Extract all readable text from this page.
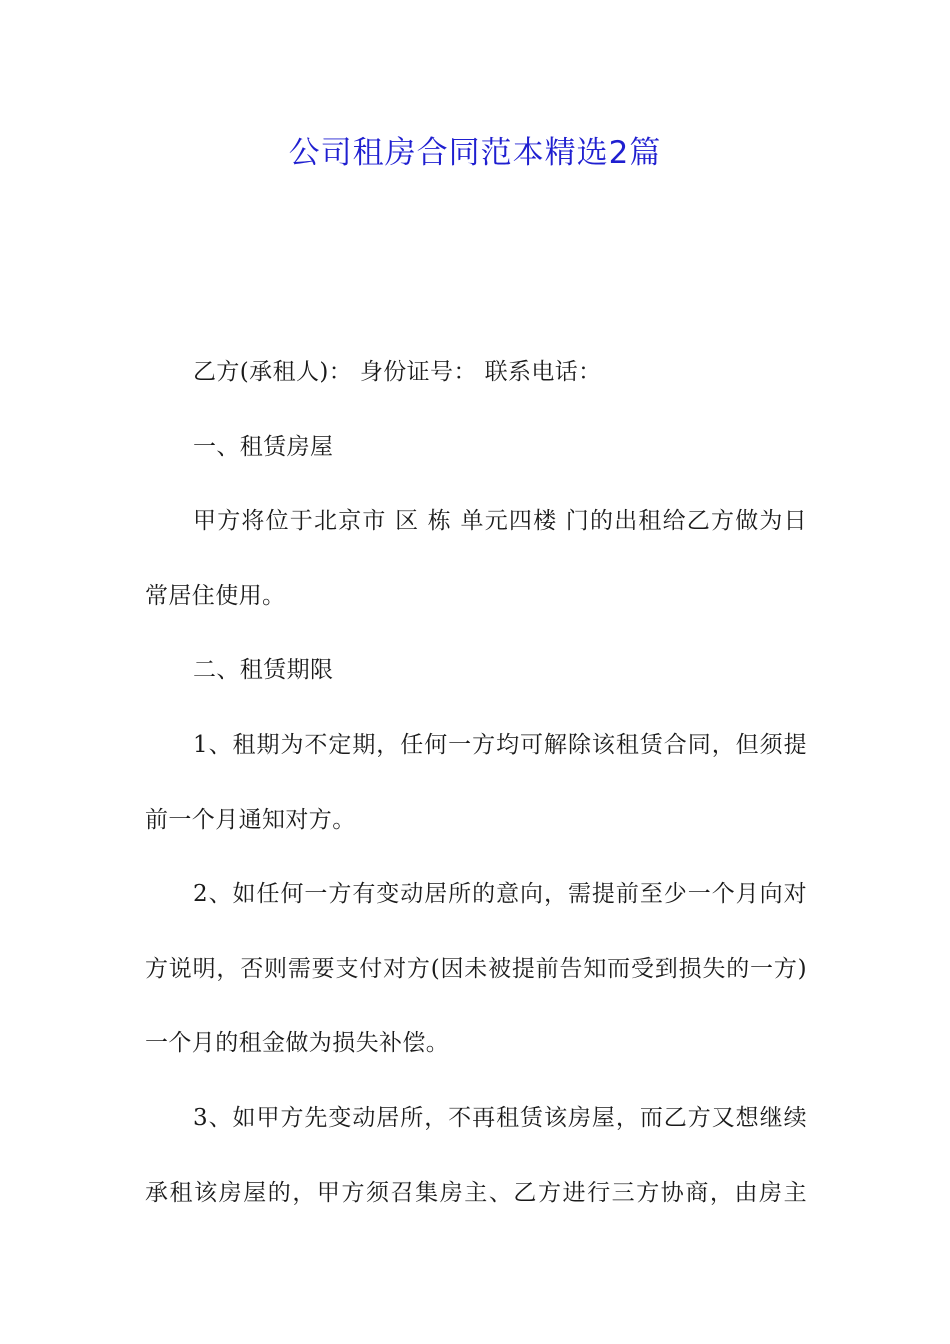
公司租房合同范本精选2篇

乙方(承租人)： 身份证号： 联系电话：

一、租赁房屋

甲方将位于北京市 区 栋 单元四楼 门的出租给乙方做为日常居住使用。

二、租赁期限

1、租期为不定期，任何一方均可解除该租赁合同，但须提前一个月通知对方。

2、如任何一方有变动居所的意向，需提前至少一个月向对方说明，否则需要支付对方(因未被提前告知而受到损失的一方)一个月的租金做为损失补偿。

3、如甲方先变动居所，不再租赁该房屋，而乙方又想继续承租该房屋的，甲方须召集房主、乙方进行三方协商，由房主
